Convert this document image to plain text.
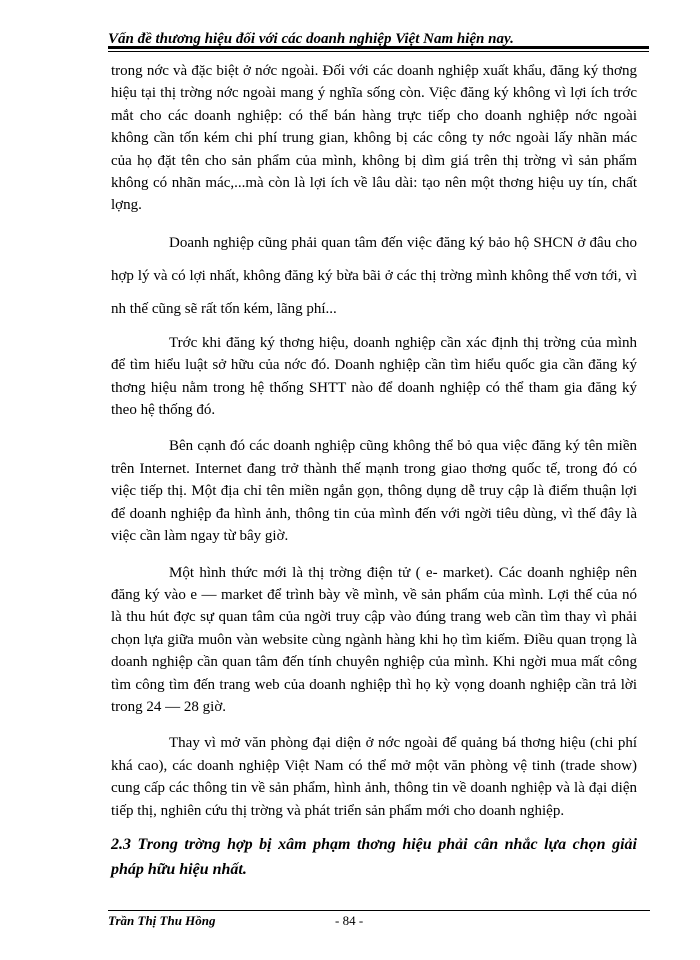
Vấn đề thương hiệu đối với các doanh nghiệp Việt Nam hiện nay.

trong nớc và đặc biệt ở nớc ngoài. Đối với các doanh nghiệp xuất khẩu, đăng ký thơng hiệu tại thị trờng nớc ngoài mang ý nghĩa sống còn. Việc đăng ký không vì lợi ích trớc mắt cho các doanh nghiệp: có thể bán hàng trực tiếp cho doanh nghiệp nớc ngoài không cần tốn kém chi phí trung gian, không bị các công ty nớc ngoài lấy nhãn mác của họ đặt tên cho sản phẩm của mình, không bị dìm giá trên thị trờng vì sản phẩm không có nhãn mác,...mà còn là lợi ích về lâu dài: tạo nên một thơng hiệu uy tín, chất lợng.

Doanh nghiệp cũng phải quan tâm đến việc đăng ký bảo hộ SHCN ở đâu cho hợp lý và có lợi nhất, không đăng ký bừa bãi ở các thị trờng mình không thể vơn tới, vì nh thế cũng sẽ rất tốn kém, lãng phí...

Trớc khi đăng ký thơng hiệu, doanh nghiệp cần xác định thị trờng của mình để tìm hiểu luật sở hữu của nớc đó. Doanh nghiệp cần tìm hiểu quốc gia cần đăng ký thơng hiệu nằm trong hệ thống SHTT nào để doanh nghiệp có thể tham gia đăng ký theo hệ thống đó.

Bên cạnh đó các doanh nghiệp cũng không thể bỏ qua việc đăng ký tên miền trên Internet. Internet đang trở thành thế mạnh trong giao thơng quốc tế, trong đó có việc tiếp thị. Một địa chỉ tên miền ngắn gọn, thông dụng dễ truy cập là điểm thuận lợi để doanh nghiệp đa hình ảnh, thông tin của mình đến với ngời tiêu dùng, vì thế đây là việc cần làm ngay từ bây giờ.

Một hình thức mới là thị trờng điện tử ( e- market). Các doanh nghiệp nên đăng ký vào e — market để trình bày về mình, về sản phẩm của mình. Lợi thế của nó là thu hút đợc sự quan tâm của ngời truy cập vào đúng trang web cần tìm thay vì phải chọn lựa giữa muôn vàn website cùng ngành hàng khi họ tìm kiếm. Điều quan trọng là doanh nghiệp cần quan tâm đến tính chuyên nghiệp của mình. Khi ngời mua mất công tìm công tìm đến trang web của doanh nghiệp thì họ kỳ vọng doanh nghiệp cần trả lời trong 24 — 28 giờ.

Thay vì mở văn phòng đại diện ở nớc ngoài để quảng bá thơng hiệu (chi phí khá cao), các doanh nghiệp Việt Nam có thể mở một văn phòng vệ tinh (trade show) cung cấp các thông tin về sản phẩm, hình ảnh, thông tin về doanh nghiệp và là đại diện tiếp thị, nghiên cứu thị trờng và phát triển sản phẩm mới cho doanh nghiệp.

2.3 Trong trờng hợp bị xâm phạm thơng hiệu phải cân nhắc lựa chọn giải pháp hữu hiệu nhất.

Trần Thị Thu Hồng	- 84 -
